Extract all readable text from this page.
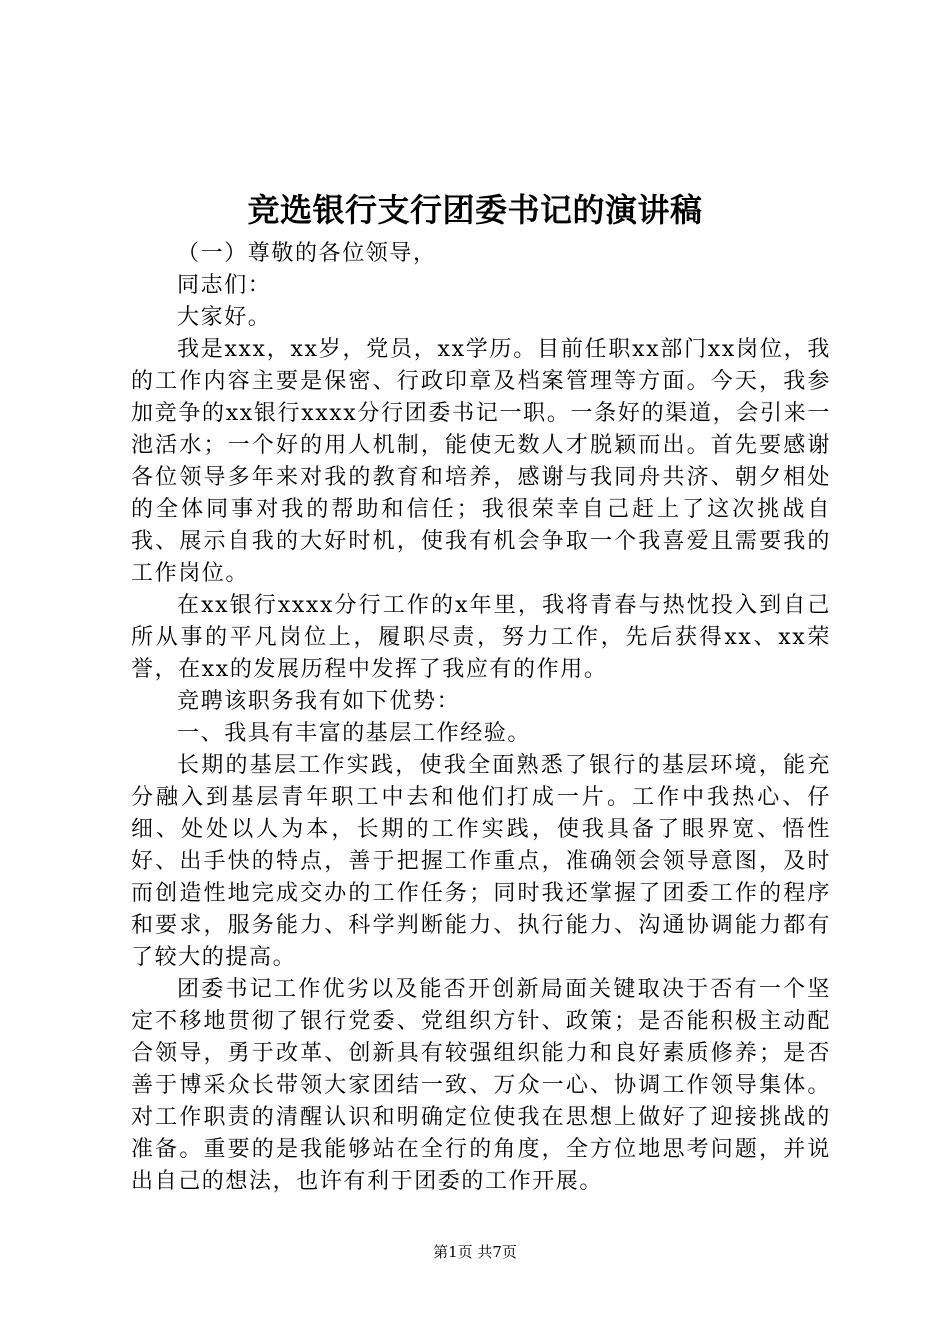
竞选银行支行团委书记的演讲稿

（一）尊敬的各位领导，

同志们：

大家好。

我是xxx，xx岁，党员，xx学历。目前任职xx部门xx岗位，我的工作内容主要是保密、行政印章及档案管理等方面。今天，我参加竞争的xx银行xxxx分行团委书记一职。一条好的渠道，会引来一池活水；一个好的用人机制，能使无数人才脱颖而出。首先要感谢各位领导多年来对我的教育和培养，感谢与我同舟共济、朝夕相处的全体同事对我的帮助和信任；我很荣幸自己赶上了这次挑战自我、展示自我的大好时机，使我有机会争取一个我喜爱且需要我的工作岗位。

在xx银行xxxx分行工作的x年里，我将青春与热忱投入到自己所从事的平凡岗位上，履职尽责，努力工作，先后获得xx、xx荣誉，在xx的发展历程中发挥了我应有的作用。

竞聘该职务我有如下优势：

一、我具有丰富的基层工作经验。

长期的基层工作实践，使我全面熟悉了银行的基层环境，能充分融入到基层青年职工中去和他们打成一片。工作中我热心、仔细、处处以人为本，长期的工作实践，使我具备了眼界宽、悟性好、出手快的特点，善于把握工作重点，准确领会领导意图，及时而创造性地完成交办的工作任务；同时我还掌握了团委工作的程序和要求，服务能力、科学判断能力、执行能力、沟通协调能力都有了较大的提高。

团委书记工作优劣以及能否开创新局面关键取决于否有一个坚定不移地贯彻了银行党委、党组织方针、政策；是否能积极主动配合领导，勇于改革、创新具有较强组织能力和良好素质修养；是否善于博采众长带领大家团结一致、万众一心、协调工作领导集体。对工作职责的清醒认识和明确定位使我在思想上做好了迎接挑战的准备。重要的是我能够站在全行的角度，全方位地思考问题，并说出自己的想法，也许有利于团委的工作开展。

第1页 共7页
